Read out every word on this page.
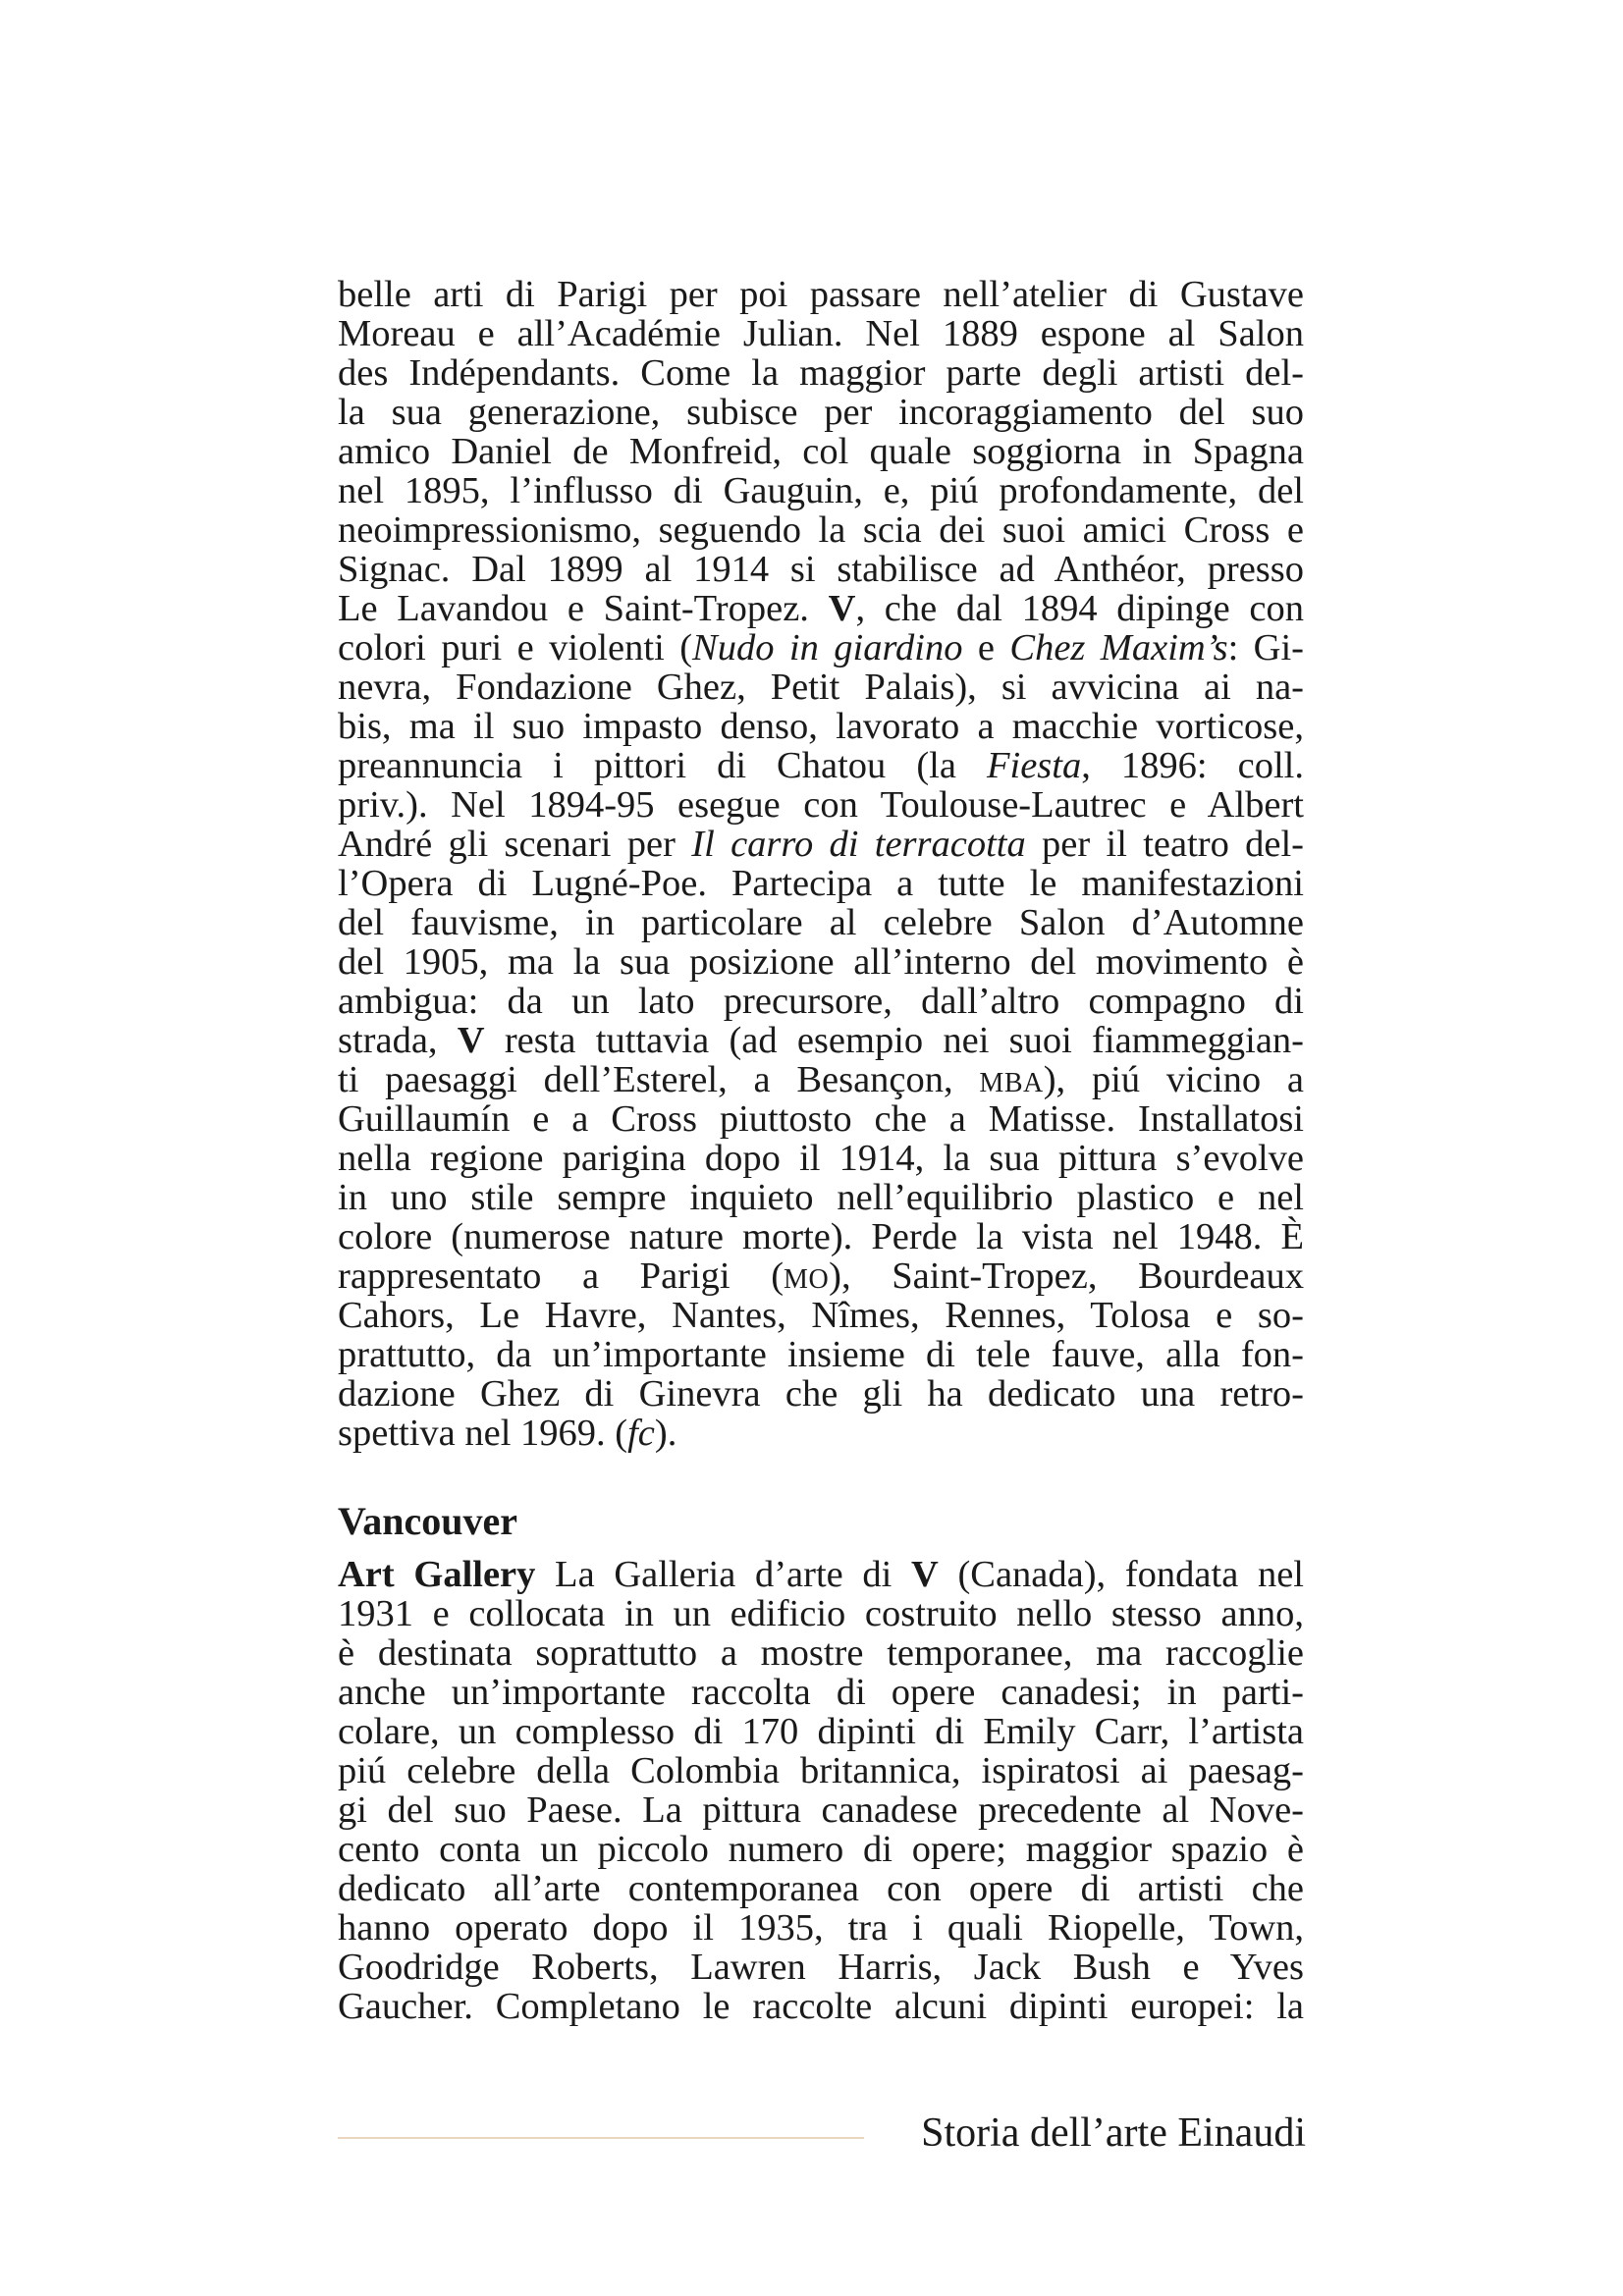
belle arti di Parigi per poi passare nell’atelier di Gustave
Moreau e all’Académie Julian. Nel 1889 espone al Salon
des Indépendants. Come la maggior parte degli artisti del-
la sua generazione, subisce per incoraggiamento del suo
amico Daniel de Monfreid, col quale soggiorna in Spagna
nel 1895, l’influsso di Gauguin, e, piú profondamente, del
neoimpressionismo, seguendo la scia dei suoi amici Cross e
Signac. Dal 1899 al 1914 si stabilisce ad Anthéor, presso
Le Lavandou e Saint-Tropez. V, che dal 1894 dipinge con
colori puri e violenti (Nudo in giardino e Chez Maxim’s: Gi-
nevra, Fondazione Ghez, Petit Palais), si avvicina ai na-
bis, ma il suo impasto denso, lavorato a macchie vorticose,
preannuncia i pittori di Chatou (la Fiesta, 1896: coll.
priv.). Nel 1894-95 esegue con Toulouse-Lautrec e Albert
André gli scenari per Il carro di terracotta per il teatro del-
l’Opera di Lugné-Poe. Partecipa a tutte le manifestazioni
del fauvisme, in particolare al celebre Salon d’Automne
del 1905, ma la sua posizione all’interno del movimento è
ambigua: da un lato precursore, dall’altro compagno di
strada, V resta tuttavia (ad esempio nei suoi fiammeggian-
ti paesaggi dell’Esterel, a Besançon, MBA), piú vicino a
Guillaumín e a Cross piuttosto che a Matisse. Installatosi
nella regione parigina dopo il 1914, la sua pittura s’evolve
in uno stile sempre inquieto nell’equilibrio plastico e nel
colore (numerose nature morte). Perde la vista nel 1948. È
rappresentato a Parigi (MO), Saint-Tropez, Bourdeaux
Cahors, Le Havre, Nantes, Nîmes, Rennes, Tolosa e so-
prattutto, da un’importante insieme di tele fauve, alla fon-
dazione Ghez di Ginevra che gli ha dedicato una retro-
spettiva nel 1969. (fc).
Vancouver
Art Gallery La Galleria d’arte di V (Canada), fondata nel
1931 e collocata in un edificio costruito nello stesso anno,
è destinata soprattutto a mostre temporanee, ma raccoglie
anche un’importante raccolta di opere canadesi; in parti-
colare, un complesso di 170 dipinti di Emily Carr, l’artista
piú celebre della Colombia britannica, ispiratosi ai paesag-
gi del suo Paese. La pittura canadese precedente al Nove-
cento conta un piccolo numero di opere; maggior spazio è
dedicato all’arte contemporanea con opere di artisti che
hanno operato dopo il 1935, tra i quali Riopelle, Town,
Goodridge Roberts, Lawren Harris, Jack Bush e Yves
Gaucher. Completano le raccolte alcuni dipinti europei: la
Storia dell’arte Einaudi
